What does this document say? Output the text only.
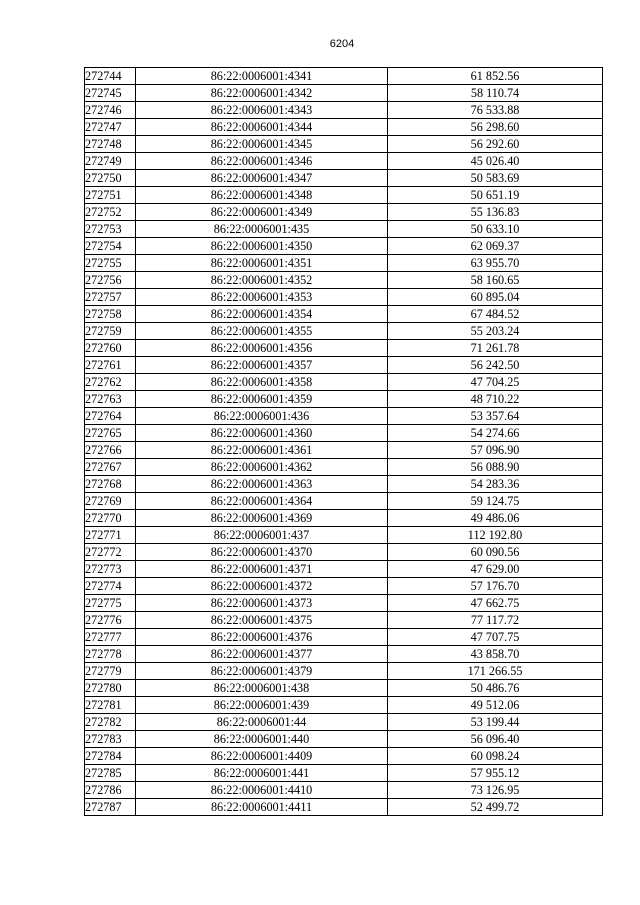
6204
272744	86:22:0006001:4341	61 852.56
272745	86:22:0006001:4342	58 110.74
272746	86:22:0006001:4343	76 533.88
272747	86:22:0006001:4344	56 298.60
272748	86:22:0006001:4345	56 292.60
272749	86:22:0006001:4346	45 026.40
272750	86:22:0006001:4347	50 583.69
272751	86:22:0006001:4348	50 651.19
272752	86:22:0006001:4349	55 136.83
272753	86:22:0006001:435	50 633.10
272754	86:22:0006001:4350	62 069.37
272755	86:22:0006001:4351	63 955.70
272756	86:22:0006001:4352	58 160.65
272757	86:22:0006001:4353	60 895.04
272758	86:22:0006001:4354	67 484.52
272759	86:22:0006001:4355	55 203.24
272760	86:22:0006001:4356	71 261.78
272761	86:22:0006001:4357	56 242.50
272762	86:22:0006001:4358	47 704.25
272763	86:22:0006001:4359	48 710.22
272764	86:22:0006001:436	53 357.64
272765	86:22:0006001:4360	54 274.66
272766	86:22:0006001:4361	57 096.90
272767	86:22:0006001:4362	56 088.90
272768	86:22:0006001:4363	54 283.36
272769	86:22:0006001:4364	59 124.75
272770	86:22:0006001:4369	49 486.06
272771	86:22:0006001:437	112 192.80
272772	86:22:0006001:4370	60 090.56
272773	86:22:0006001:4371	47 629.00
272774	86:22:0006001:4372	57 176.70
272775	86:22:0006001:4373	47 662.75
272776	86:22:0006001:4375	77 117.72
272777	86:22:0006001:4376	47 707.75
272778	86:22:0006001:4377	43 858.70
272779	86:22:0006001:4379	171 266.55
272780	86:22:0006001:438	50 486.76
272781	86:22:0006001:439	49 512.06
272782	86:22:0006001:44	53 199.44
272783	86:22:0006001:440	56 096.40
272784	86:22:0006001:4409	60 098.24
272785	86:22:0006001:441	57 955.12
272786	86:22:0006001:4410	73 126.95
272787	86:22:0006001:4411	52 499.72
